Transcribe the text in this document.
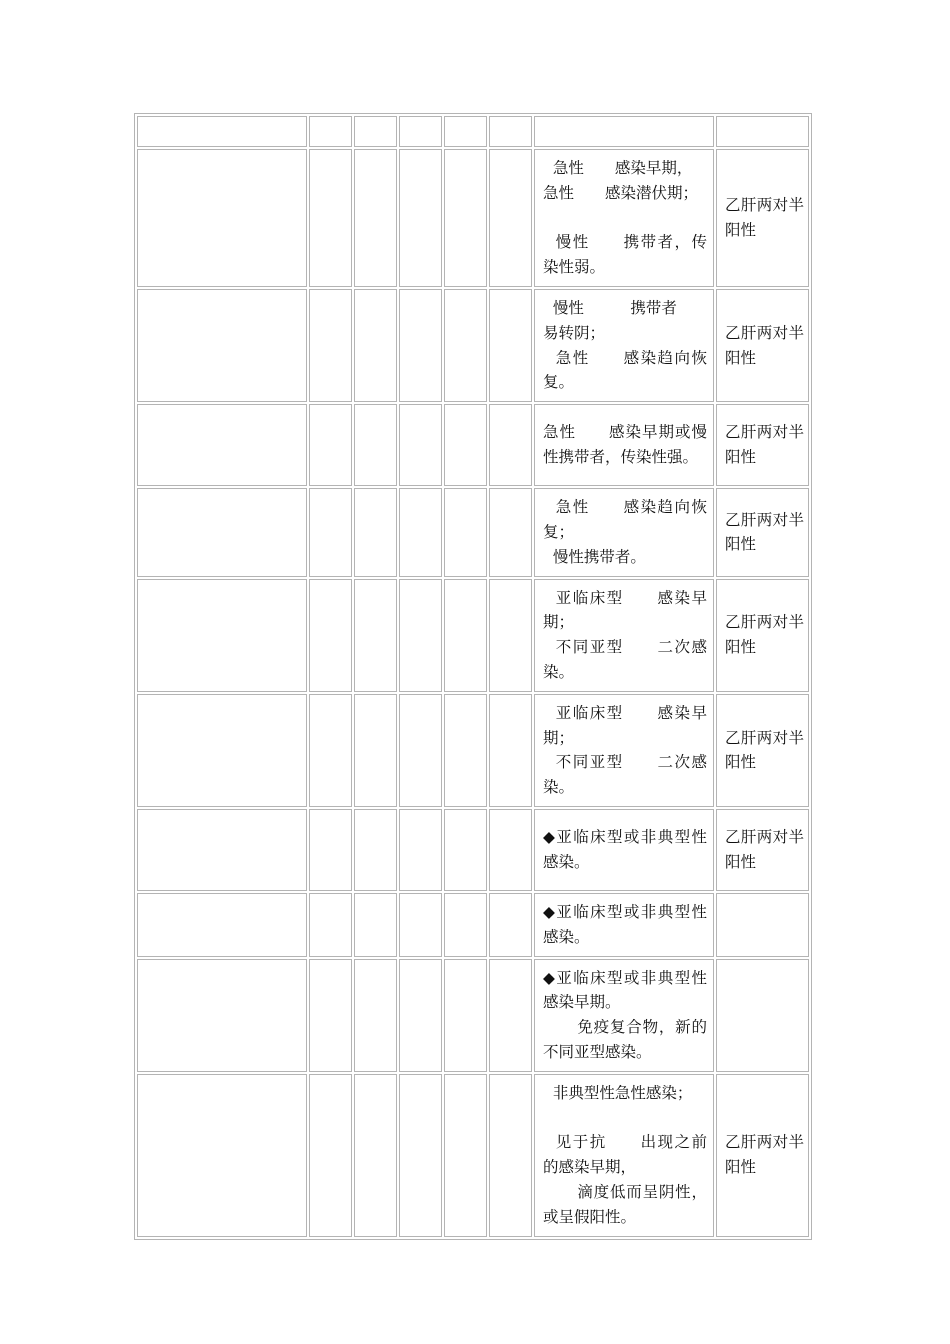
						急性　　感染早期，
急性　　感染潜伏期；

慢性　　携带者，传染性弱。	乙肝两对半  阳性
						慢性　　　携带者
易转阴；
急性　　感染趋向恢复。	乙肝两对半   阳性
						急性　　感染早期或慢性携带者，传染性强。	乙肝两对半   阳性
						急性　　感染趋向恢复；
慢性携带者。	乙肝两对半      阳性
						亚临床型　　感染早期；
不同亚型　　二次感染。	乙肝两对半   阳性
						亚临床型　　感染早期；
不同亚型　　二次感染。	乙肝两对半      阳性
						◆亚临床型或非典型性感染。	乙肝两对半      阳性
						◆亚临床型或非典型性感染。	
						◆亚临床型或非典型性感染早期。
免疫复合物，新的不同亚型感染。	
						非典型性急性感染；

见于抗　　出现之前的感染早期，
滴度低而呈阴性，或呈假阳性。	乙肝两对半  阳性
